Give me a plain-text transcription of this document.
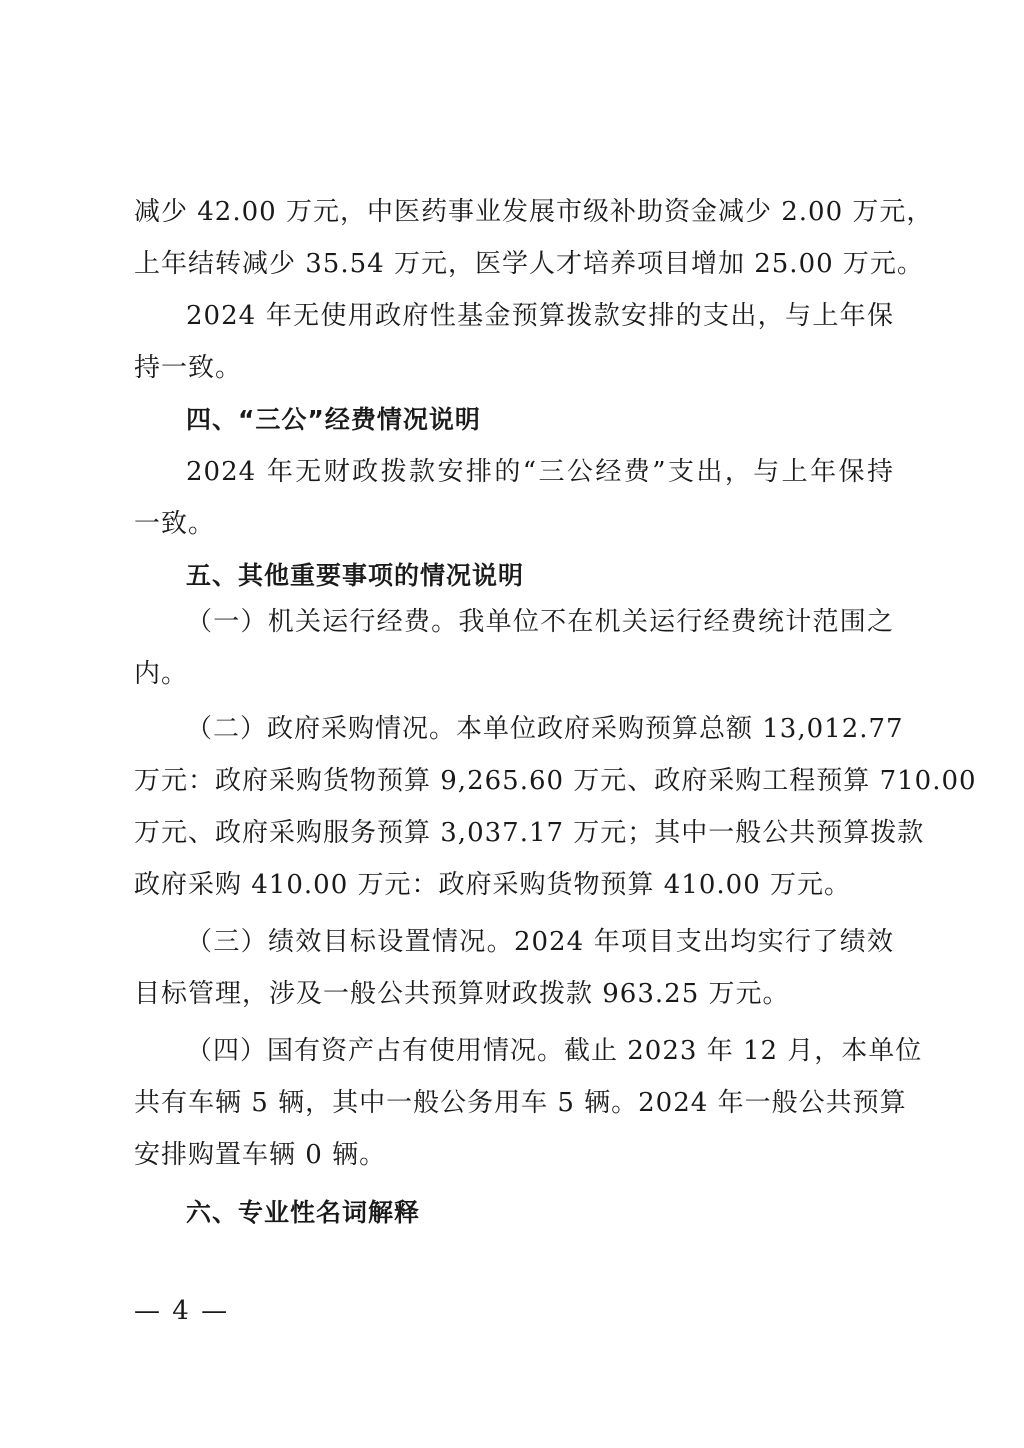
减少 42.00 万元，中医药事业发展市级补助资金减少 2.00 万元，
上年结转减少 35.54 万元，医学人才培养项目增加 25.00 万元。
2024 年无使用政府性基金预算拨款安排的支出，与上年保
持一致。
四、“三公”经费情况说明
2024 年无财政拨款安排的“三公经费”支出，与上年保持
一致。
五、其他重要事项的情况说明
（一）机关运行经费。我单位不在机关运行经费统计范围之
内。
（二）政府采购情况。本单位政府采购预算总额 13,012.77
万元：政府采购货物预算 9,265.60 万元、政府采购工程预算 710.00
万元、政府采购服务预算 3,037.17 万元；其中一般公共预算拨款
政府采购 410.00 万元：政府采购货物预算 410.00 万元。
（三）绩效目标设置情况。2024 年项目支出均实行了绩效
目标管理，涉及一般公共预算财政拨款 963.25 万元。
（四）国有资产占有使用情况。截止 2023 年 12 月，本单位
共有车辆 5 辆，其中一般公务用车 5 辆。2024 年一般公共预算
安排购置车辆 0 辆。
六、专业性名词解释
— 4 —
